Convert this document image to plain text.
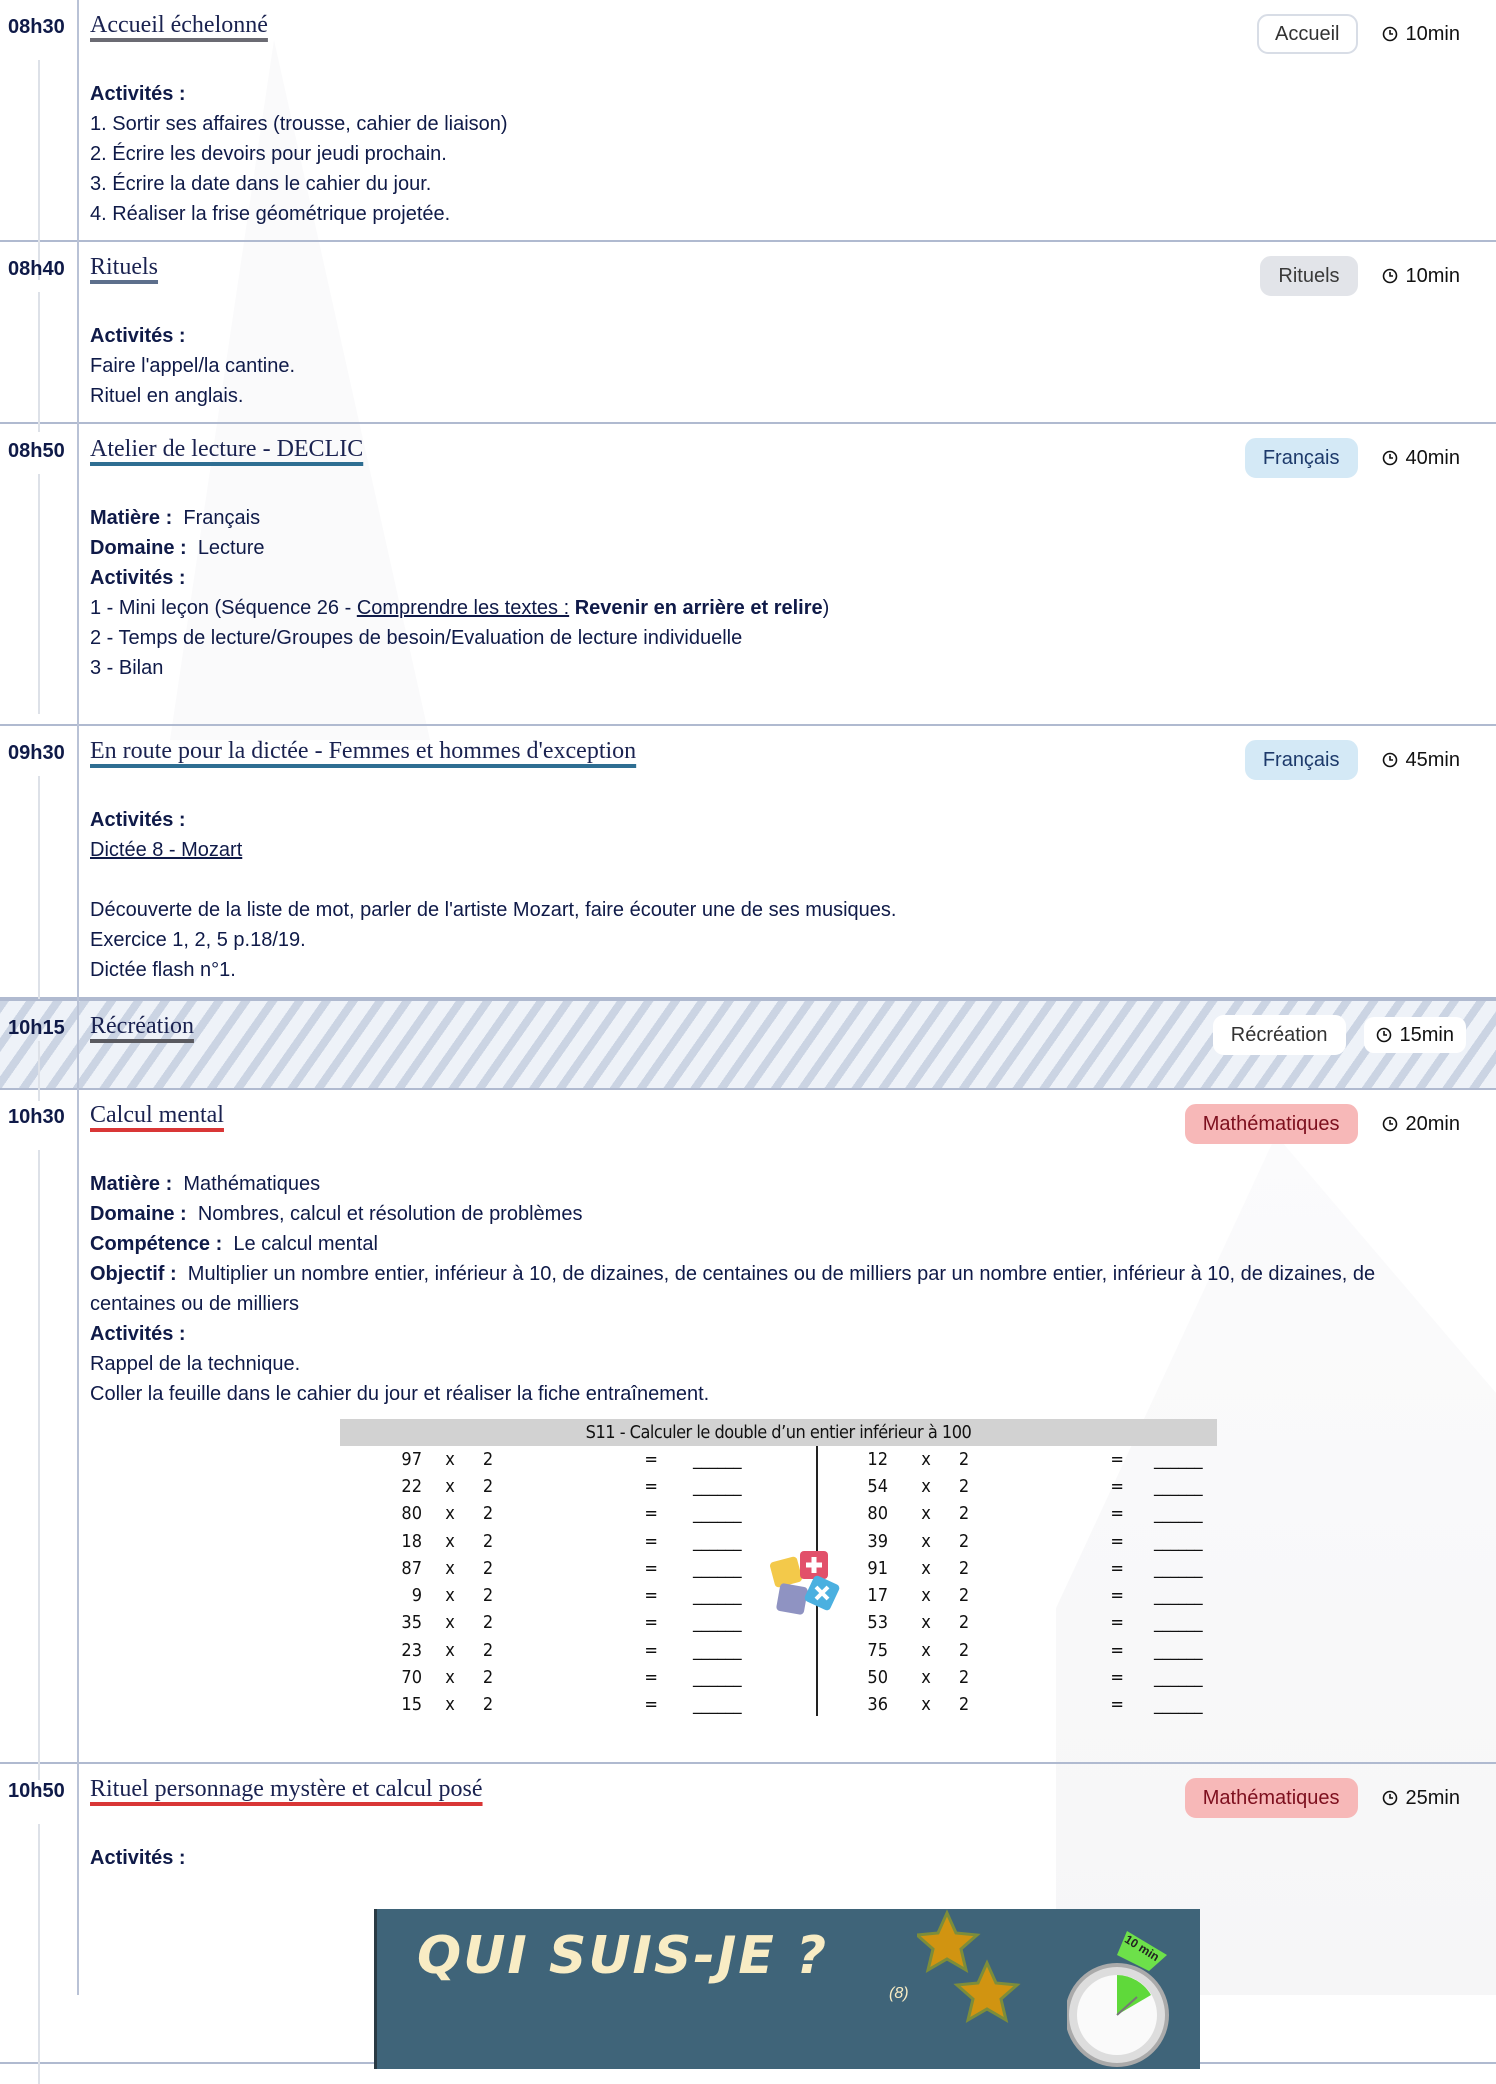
08h30 Accueil échelonné	Accueil	10min
Activités :
1. Sortir ses affaires (trousse, cahier de liaison)
2. Écrire les devoirs pour jeudi prochain.
3. Écrire la date dans le cahier du jour.
4. Réaliser la frise géométrique projetée.
08h40 Rituels	Rituels	10min
Activités :
Faire l'appel/la cantine.
Rituel en anglais.
08h50 Atelier de lecture - DECLIC	Français	40min
Matière : Français
Domaine : Lecture
Activités :
1 - Mini leçon (Séquence 26 - Comprendre les textes : Revenir en arrière et relire)
2 - Temps de lecture/Groupes de besoin/Evaluation de lecture individuelle
3 - Bilan
09h30 En route pour la dictée - Femmes et hommes d'exception	Français	45min
Activités :
Dictée 8 - Mozart
Découverte de la liste de mot, parler de l'artiste Mozart, faire écouter une de ses musiques.
Exercice 1, 2, 5 p.18/19.
Dictée flash n°1.
10h15 Récréation	Récréation	15min
10h30 Calcul mental	Mathématiques	20min
Matière : Mathématiques
Domaine : Nombres, calcul et résolution de problèmes
Compétence : Le calcul mental
Objectif : Multiplier un nombre entier, inférieur à 10, de dizaines, de centaines ou de milliers par un nombre entier, inférieur à 10, de dizaines, de centaines ou de milliers
Activités :
Rappel de la technique.
Coller la feuille dans le cahier du jour et réaliser la fiche entraînement.
S11 - Calculer le double d’un entier inférieur à 100
97	x	2	= ______
22	x	2	= ______
80	x	2	= ______
18	x	2	= ______
87	x	2	= ______
9	x	2	= ______
35	x	2	= ______
23	x	2	= ______
70	x	2	= ______
15	x	2	= ______
12	x	2	= ______
54	x	2	= ______
80	x	2	= ______
39	x	2	= ______
91	x	2	= ______
17	x	2	= ______
53	x	2	= ______
75	x	2	= ______
50	x	2	= ______
36	x	2	= ______
10h50 Rituel personnage mystère et calcul posé	Mathématiques	25min
Activités :
QUI SUIS-JE ?
(8)
10 min
